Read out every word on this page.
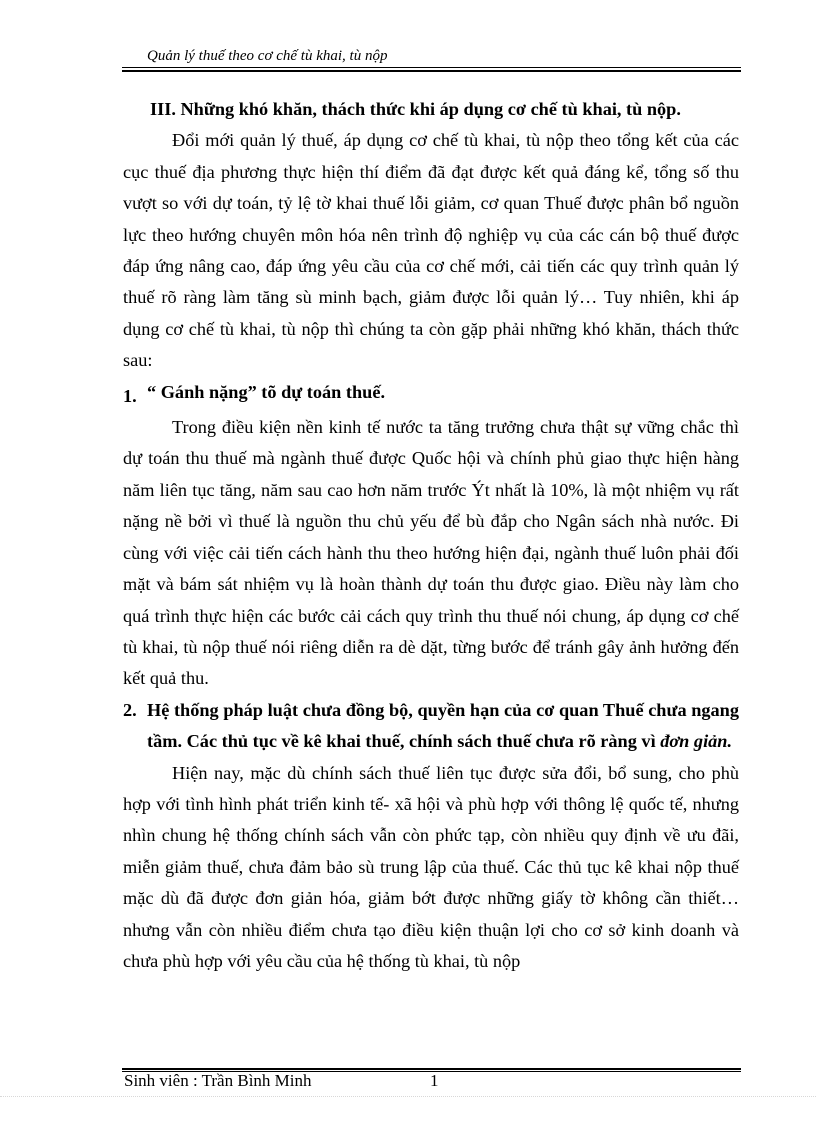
Quản lý thuế theo cơ chế tù khai, tù nộp

III. Những khó khăn, thách thức khi áp dụng cơ chế tù khai, tù nộp.

Đổi mới quản lý thuế, áp dụng cơ chế tù khai, tù nộp theo tổng kết của các cục thuế địa phương thực hiện thí điểm đã đạt được kết quả đáng kể, tổng số thu vượt so với dự toán, tỷ lệ tờ khai thuế lỗi giảm, cơ quan Thuế được phân bổ nguồn lực theo hướng chuyên môn hóa nên trình độ nghiệp vụ của các cán bộ thuế được đáp ứng nâng cao, đáp ứng yêu cầu của cơ chế mới, cải tiến các quy trình quản lý thuế rõ ràng làm tăng sù minh bạch, giảm được lỗi quản lý… Tuy nhiên, khi áp dụng cơ chế tù khai, tù nộp thì chúng ta còn gặp phải những khó khăn, thách thức sau:

1. “ Gánh nặng” tõ dự toán thuế.

Trong điều kiện nền kinh tế nước ta tăng trưởng chưa thật sự vững chắc thì dự toán thu thuế mà ngành thuế được Quốc hội và chính phủ giao thực hiện hàng năm liên tục tăng, năm sau cao hơn năm trước Ýt nhất là 10%, là một nhiệm vụ rất nặng nề bởi vì thuế là nguồn thu chủ yếu để bù đắp cho Ngân sách nhà nước. Đi cùng với việc cải tiến cách hành thu theo hướng hiện đại, ngành thuế luôn phải đối mặt và bám sát nhiệm vụ là hoàn thành dự toán thu được giao. Điều này làm cho quá trình thực hiện các bước cải cách quy trình thu thuế nói chung, áp dụng cơ chế tù khai, tù nộp thuế nói riêng diễn ra dè dặt, từng bước để tránh gây ảnh hưởng đến kết quả thu.

2. Hệ thống pháp luật chưa đồng bộ, quyền hạn của cơ quan Thuế chưa ngang tầm. Các thủ tục về kê khai thuế, chính sách thuế chưa rõ ràng vì đơn giản.

Hiện nay, mặc dù chính sách thuế liên tục được sửa đổi, bổ sung, cho phù hợp với tình hình phát triển kinh tế- xã hội và phù hợp với thông lệ quốc tế, nhưng nhìn chung hệ thống chính sách vẫn còn phức tạp, còn nhiều quy định về ưu đãi, miễn giảm thuế, chưa đảm bảo sù trung lập của thuế. Các thủ tục kê khai nộp thuế mặc dù đã được đơn giản hóa, giảm bớt được những giấy tờ không cần thiết… nhưng vẫn còn nhiều điểm chưa tạo điều kiện thuận lợi cho cơ sở kinh doanh và chưa phù hợp với yêu cầu của hệ thống tù khai, tù nộp

Sinh viên : Trần Bình Minh	1
